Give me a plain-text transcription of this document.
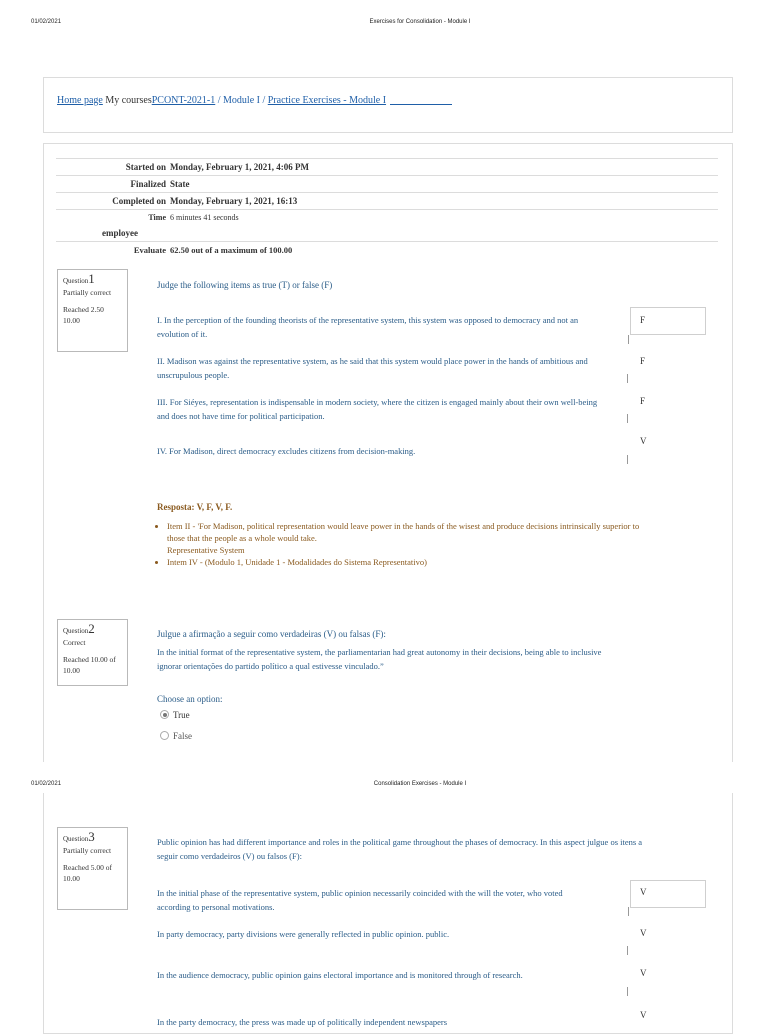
01/02/2021	Exercises for Consolidation - Module I
Home page My coursesPCONT-2021-1 / Module I / Practice Exercises - Module I
Started on Monday, February 1, 2021, 4:06 PM
Finalized State
Completed on Monday, February 1, 2021, 16:13
Time 6 minutes 41 seconds
employee
Evaluate 62.50 out of a maximum of 100.00
Question1
Partially correct
Reached 2.50 10.00
Judge the following items as true (T) or false (F)
I. In the perception of the founding theorists of the representative system, this system was opposed to democracy and not an evolution of it.
F
II. Madison was against the representative system, as he said that this system would place power in the hands of ambitious and unscrupulous people.
F
III. For Siéyes, representation is indispensable in modern society, where the citizen is engaged mainly about their own well-being and does not have time for political participation.
F
IV. For Madison, direct democracy excludes citizens from decision-making.
V
Resposta: V, F, V, F.
• Item II - 'For Madison, political representation would leave power in the hands of the wisest and produce decisions intrinsically superior to those that the people as a whole would take.
Representative System
• Intem IV - (Modulo 1, Unidade 1 - Modalidades do Sistema Representativo)
Question2
Correct
Reached 10.00 of 10.00
Julgue a afirmação a seguir como verdadeiras (V) ou falsas (F):
In the initial format of the representative system, the parliamentarian had great autonomy in their decisions, being able to inclusive ignorar orientações do partido político a qual estivesse vinculado.”
Choose an option:
True
False
01/02/2021	Consolidation Exercises - Module I
Question3
Partially correct
Reached 5.00 of 10.00
Public opinion has had different importance and roles in the political game throughout the phases of democracy. In this aspect julgue os itens a seguir como verdadeiros (V) ou falsos (F):
In the initial phase of the representative system, public opinion necessarily coincided with the will the voter, who voted according to personal motivations.
V
In party democracy, party divisions were generally reflected in public opinion. public.	V
In the audience democracy, public opinion gains electoral importance and is monitored through of research.	V
In the party democracy, the press was made up of politically independent newspapers
V
